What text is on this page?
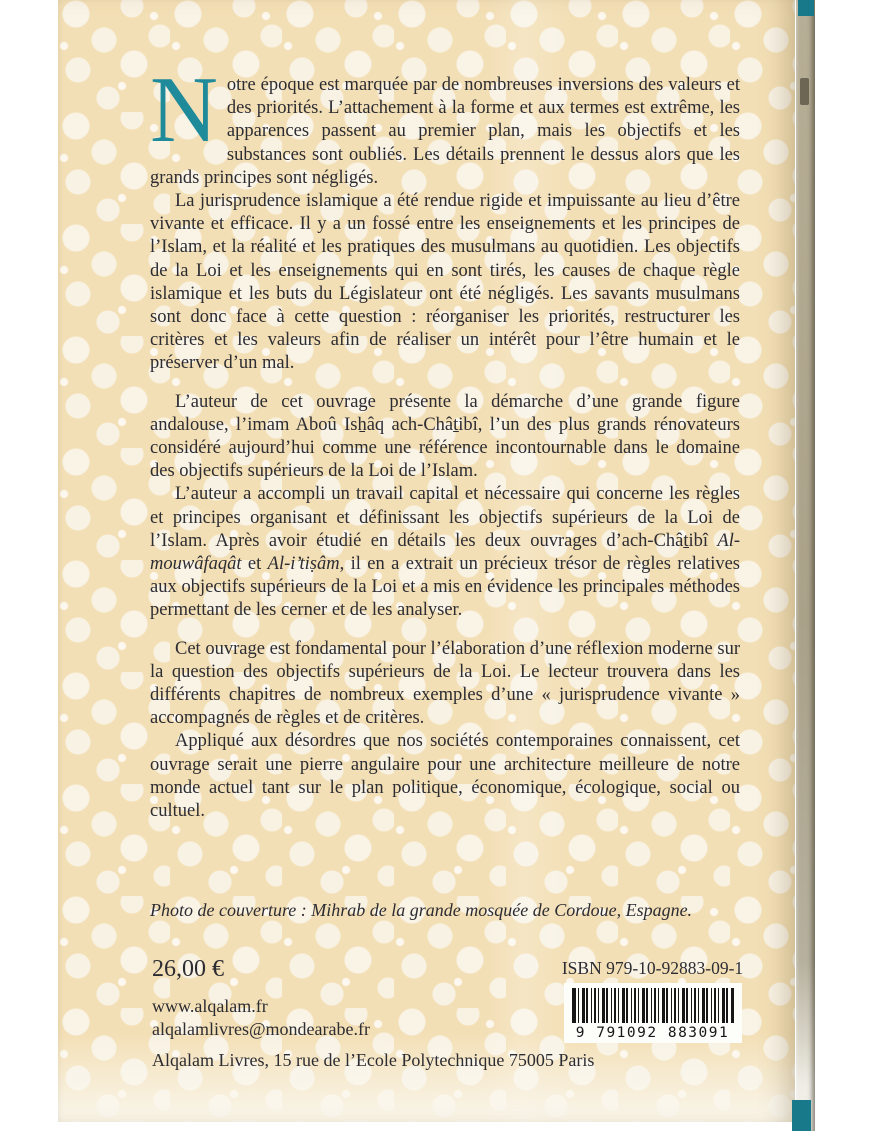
Notre époque est marquée par de nombreuses inversions des valeurs et des priorités. L’attachement à la forme et aux termes est extrême, les apparences passent au premier plan, mais les objectifs et les substances sont oubliés. Les détails prennent le dessus alors que les grands principes sont négligés.

La jurisprudence islamique a été rendue rigide et impuissante au lieu d’être vivante et efficace. Il y a un fossé entre les enseignements et les principes de l’Islam, et la réalité et les pratiques des musulmans au quotidien. Les objectifs de la Loi et les enseignements qui en sont tirés, les causes de chaque règle islamique et les buts du Législateur ont été négligés. Les savants musulmans sont donc face à cette question : réorganiser les priorités, restructurer les critères et les valeurs afin de réaliser un intérêt pour l’être humain et le préserver d’un mal.

L’auteur de cet ouvrage présente la démarche d’une grande figure andalouse, l’imam Aboû Isẖâq ach-Châṯibî, l’un des plus grands rénovateurs considéré aujourd’hui comme une référence incontournable dans le domaine des objectifs supérieurs de la Loi de l’Islam.

L’auteur a accompli un travail capital et nécessaire qui concerne les règles et principes organisant et définissant les objectifs supérieurs de la Loi de l’Islam. Après avoir étudié en détails les deux ouvrages d’ach-Châṯibî Al-mouwâfaqât et Al-i’tiṣâm, il en a extrait un précieux trésor de règles relatives aux objectifs supérieurs de la Loi et a mis en évidence les principales méthodes permettant de les cerner et de les analyser.

Cet ouvrage est fondamental pour l’élaboration d’une réflexion moderne sur la question des objectifs supérieurs de la Loi. Le lecteur trouvera dans les différents chapitres de nombreux exemples d’une « jurisprudence vivante » accompagnés de règles et de critères.

Appliqué aux désordres que nos sociétés contemporaines connaissent, cet ouvrage serait une pierre angulaire pour une architecture meilleure de notre monde actuel tant sur le plan politique, économique, écologique, social ou cultuel.

Photo de couverture : Mihrab de la grande mosquée de Cordoue, Espagne.
26,00 €
www.alqalam.fr
alqalamlivres@mondearabe.fr
ISBN 979-10-92883-09-1
9 791092 883091
Alqalam Livres, 15 rue de l’Ecole Polytechnique 75005 Paris
